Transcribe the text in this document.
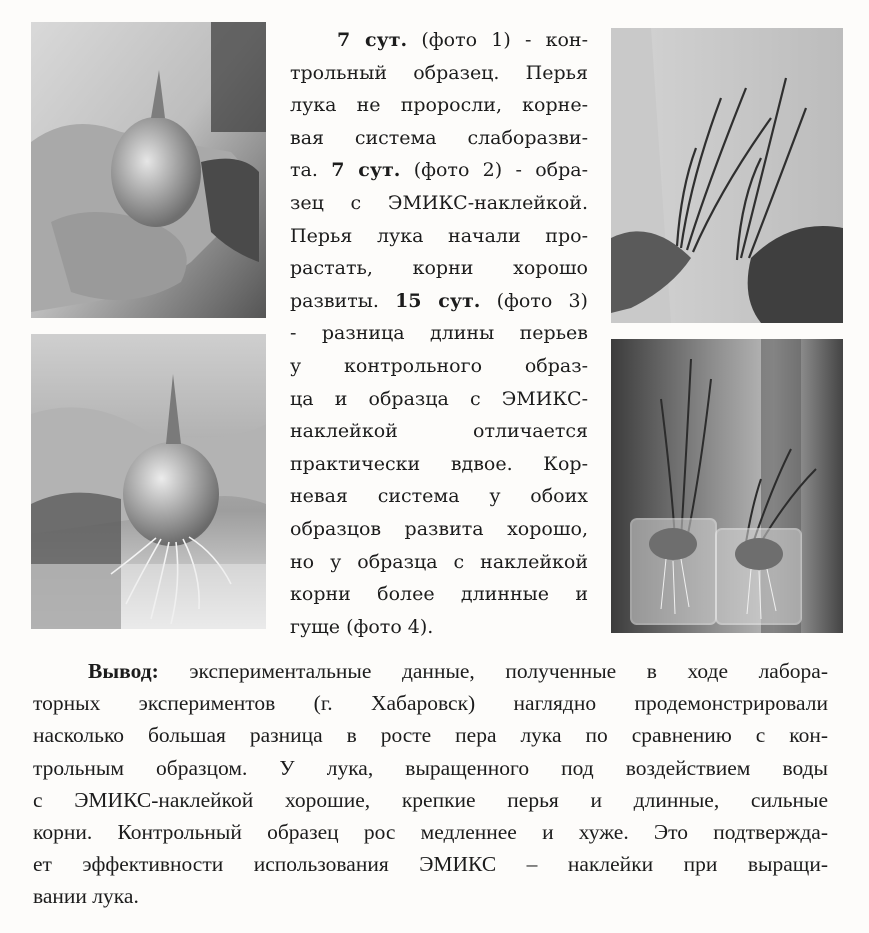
7 сут. (фото 1) - кон-
трольный образец. Перья
лука не проросли, корне-
вая система слаборазви-
та. 7 сут. (фото 2) - обра-
зец с ЭМИКС-наклейкой.
Перья лука начали про-
растать, корни хорошо
развиты. 15 сут. (фото 3)
- разница длины перьев
у контрольного образ-
ца и образца с ЭМИКС-
наклейкой отличается
практически вдвое. Кор-
невая система у обоих
образцов развита хорошо,
но у образца с наклейкой
корни более длинные и
гуще (фото 4).
Вывод: экспериментальные данные, полученные в ходе лабора-
торных экспериментов (г. Хабаровск) наглядно продемонстрировали
насколько большая разница в росте пера лука по сравнению с кон-
трольным образцом. У лука, выращенного под воздействием воды
с ЭМИКС-наклейкой хорошие, крепкие перья и длинные, сильные
корни. Контрольный образец рос медленнее и хуже. Это подтвержда-
ет эффективности использования ЭМИКС – наклейки при выращи-
вании лука.
